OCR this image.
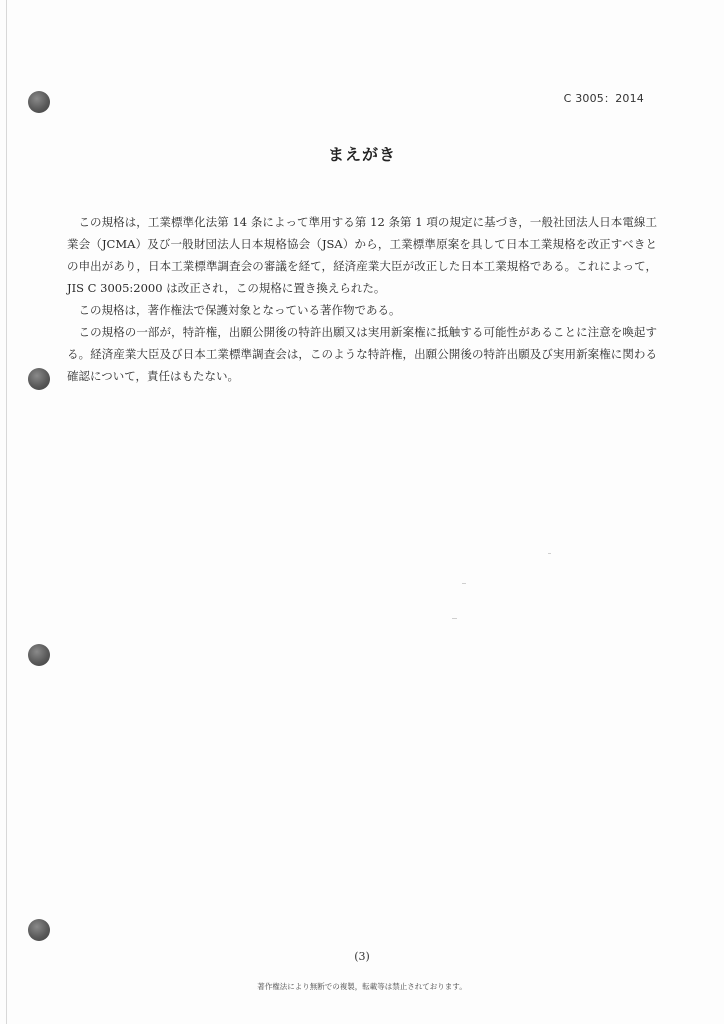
C 3005：2014
まえがき

この規格は，工業標準化法第 14 条によって準用する第 12 条第 1 項の規定に基づき，一般社団法人日本電線工業会（JCMA）及び一般財団法人日本規格協会（JSA）から，工業標準原案を具して日本工業規格を改正すべきとの申出があり，日本工業標準調査会の審議を経て，経済産業大臣が改正した日本工業規格である。これによって，JIS C 3005:2000 は改正され，この規格に置き換えられた。

この規格は，著作権法で保護対象となっている著作物である。

この規格の一部が，特許権，出願公開後の特許出願又は実用新案権に抵触する可能性があることに注意を喚起する。経済産業大臣及び日本工業標準調査会は，このような特許権，出願公開後の特許出願及び実用新案権に関わる確認について，責任はもたない。

(3)
著作権法により無断での複製，転載等は禁止されております。
